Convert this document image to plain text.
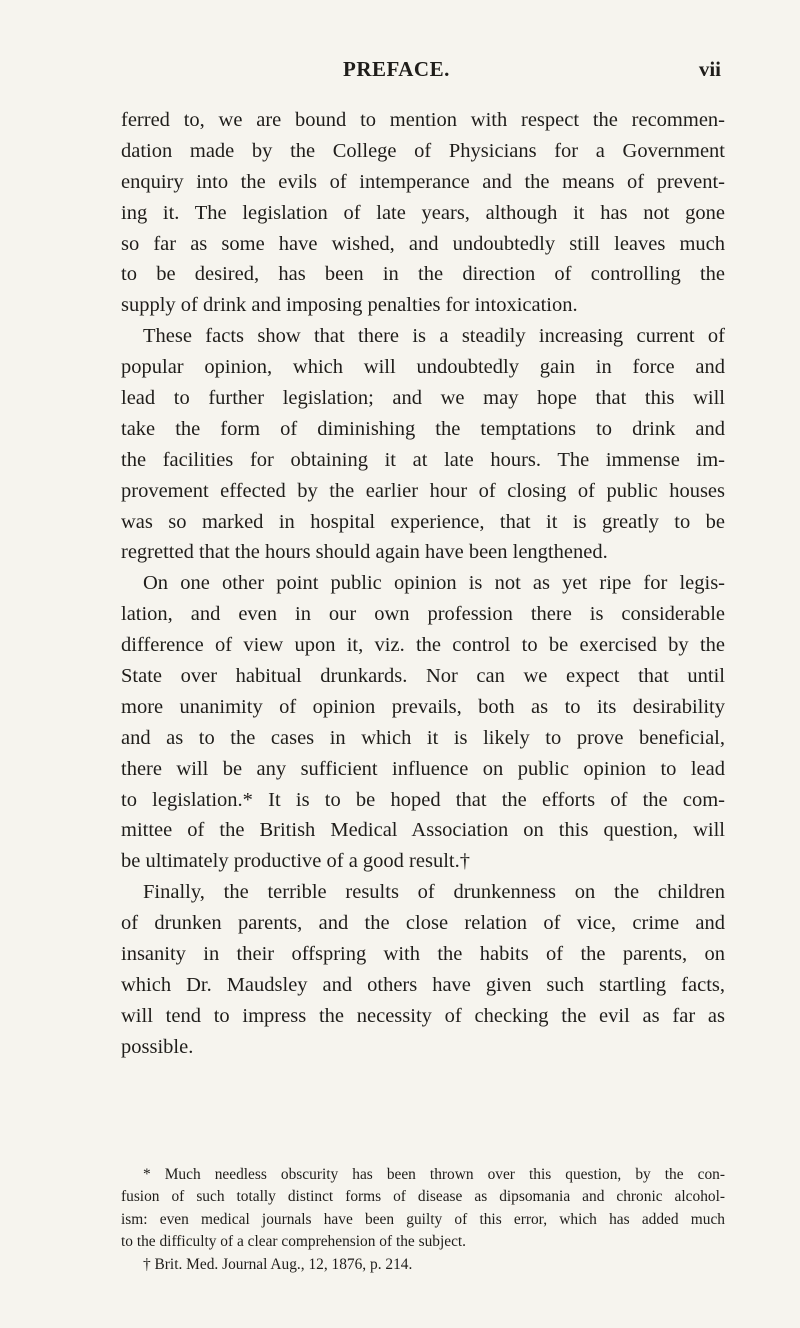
PREFACE.	vii

ferred to, we are bound to mention with respect the recommen-
dation made by the College of Physicians for a Government
enquiry into the evils of intemperance and the means of prevent-
ing it. The legislation of late years, although it has not gone
so far as some have wished, and undoubtedly still leaves much
to be desired, has been in the direction of controlling the
supply of drink and imposing penalties for intoxication.

These facts show that there is a steadily increasing current of
popular opinion, which will undoubtedly gain in force and
lead to further legislation; and we may hope that this will
take the form of diminishing the temptations to drink and
the facilities for obtaining it at late hours. The immense im-
provement effected by the earlier hour of closing of public houses
was so marked in hospital experience, that it is greatly to be
regretted that the hours should again have been lengthened.

On one other point public opinion is not as yet ripe for legis-
lation, and even in our own profession there is considerable
difference of view upon it, viz. the control to be exercised by the
State over habitual drunkards. Nor can we expect that until
more unanimity of opinion prevails, both as to its desirability
and as to the cases in which it is likely to prove beneficial,
there will be any sufficient influence on public opinion to lead
to legislation.* It is to be hoped that the efforts of the com-
mittee of the British Medical Association on this question, will
be ultimately productive of a good result.†

Finally, the terrible results of drunkenness on the children
of drunken parents, and the close relation of vice, crime and
insanity in their offspring with the habits of the parents, on
which Dr. Maudsley and others have given such startling facts,
will tend to impress the necessity of checking the evil as far as
possible.

* Much needless obscurity has been thrown over this question, by the con-
fusion of such totally distinct forms of disease as dipsomania and chronic alcohol-
ism: even medical journals have been guilty of this error, which has added much
to the difficulty of a clear comprehension of the subject.
† Brit. Med. Journal Aug., 12, 1876, p. 214.
